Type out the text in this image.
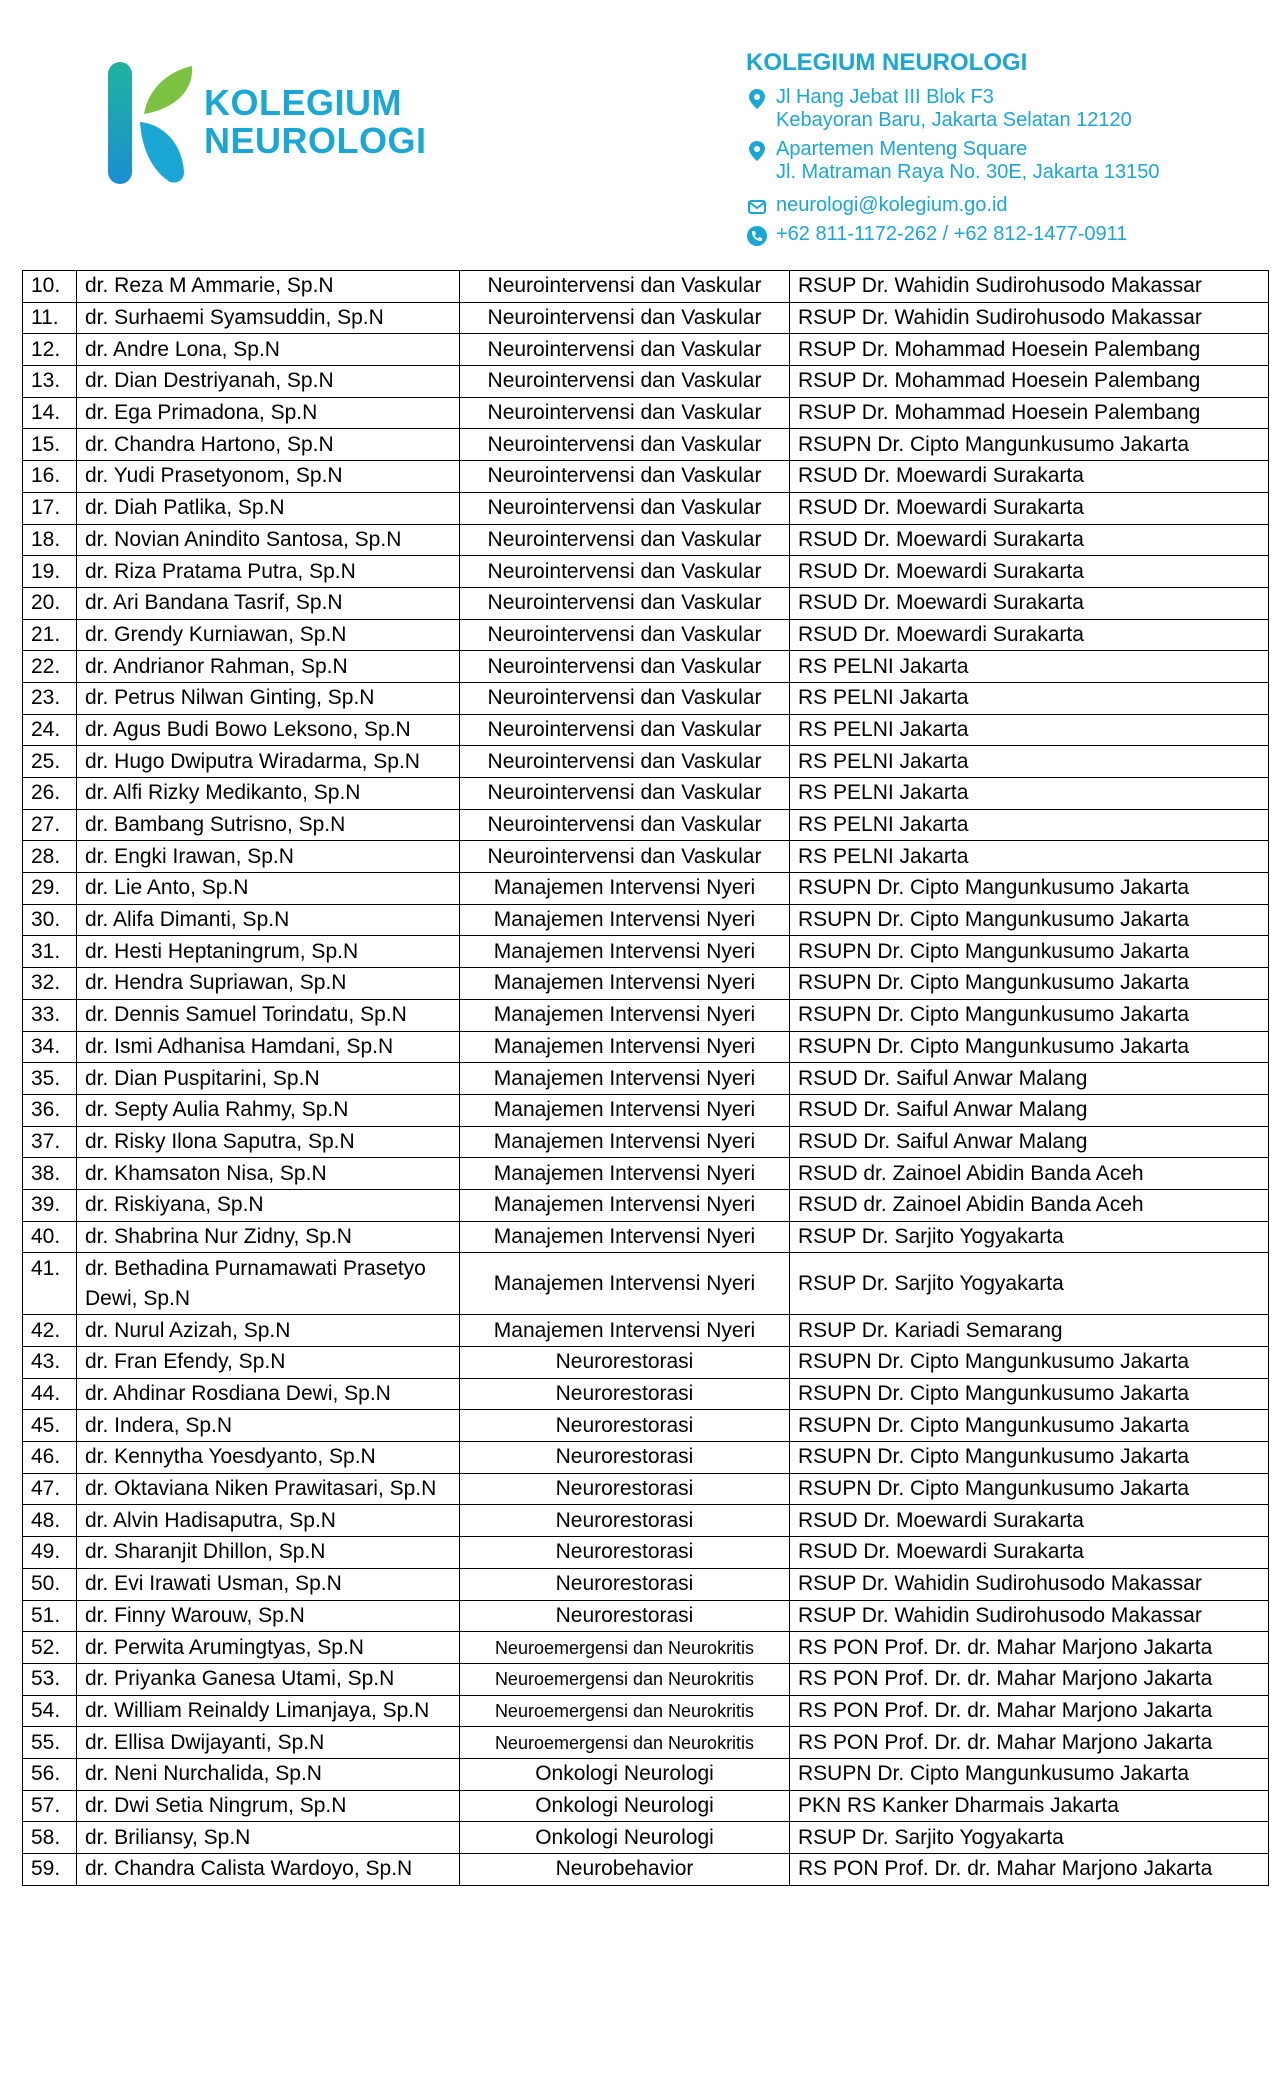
KOLEGIUM
NEUROLOGI
KOLEGIUM NEUROLOGI
Jl Hang Jebat III Blok F3
Kebayoran Baru, Jakarta Selatan 12120
Apartemen Menteng Square
Jl. Matraman Raya No. 30E, Jakarta 13150
neurologi@kolegium.go.id
+62 811-1172-262 / +62 812-1477-0911
10.	dr. Reza M Ammarie, Sp.N	Neurointervensi dan Vaskular	RSUP Dr. Wahidin Sudirohusodo Makassar
11.	dr. Surhaemi Syamsuddin, Sp.N	Neurointervensi dan Vaskular	RSUP Dr. Wahidin Sudirohusodo Makassar
12.	dr. Andre Lona, Sp.N	Neurointervensi dan Vaskular	RSUP Dr. Mohammad Hoesein Palembang
13.	dr. Dian Destriyanah, Sp.N	Neurointervensi dan Vaskular	RSUP Dr. Mohammad Hoesein Palembang
14.	dr. Ega Primadona, Sp.N	Neurointervensi dan Vaskular	RSUP Dr. Mohammad Hoesein Palembang
15.	dr. Chandra Hartono, Sp.N	Neurointervensi dan Vaskular	RSUPN Dr. Cipto Mangunkusumo Jakarta
16.	dr. Yudi Prasetyonom, Sp.N	Neurointervensi dan Vaskular	RSUD Dr. Moewardi Surakarta
17.	dr. Diah Patlika, Sp.N	Neurointervensi dan Vaskular	RSUD Dr. Moewardi Surakarta
18.	dr. Novian Anindito Santosa, Sp.N	Neurointervensi dan Vaskular	RSUD Dr. Moewardi Surakarta
19.	dr. Riza Pratama Putra, Sp.N	Neurointervensi dan Vaskular	RSUD Dr. Moewardi Surakarta
20.	dr. Ari Bandana Tasrif, Sp.N	Neurointervensi dan Vaskular	RSUD Dr. Moewardi Surakarta
21.	dr. Grendy Kurniawan, Sp.N	Neurointervensi dan Vaskular	RSUD Dr. Moewardi Surakarta
22.	dr. Andrianor Rahman, Sp.N	Neurointervensi dan Vaskular	RS PELNI Jakarta
23.	dr. Petrus Nilwan Ginting, Sp.N	Neurointervensi dan Vaskular	RS PELNI Jakarta
24.	dr. Agus Budi Bowo Leksono, Sp.N	Neurointervensi dan Vaskular	RS PELNI Jakarta
25.	dr. Hugo Dwiputra Wiradarma, Sp.N	Neurointervensi dan Vaskular	RS PELNI Jakarta
26.	dr. Alfi Rizky Medikanto, Sp.N	Neurointervensi dan Vaskular	RS PELNI Jakarta
27.	dr. Bambang Sutrisno, Sp.N	Neurointervensi dan Vaskular	RS PELNI Jakarta
28.	dr. Engki Irawan, Sp.N	Neurointervensi dan Vaskular	RS PELNI Jakarta
29.	dr. Lie Anto, Sp.N	Manajemen Intervensi Nyeri	RSUPN Dr. Cipto Mangunkusumo Jakarta
30.	dr. Alifa Dimanti, Sp.N	Manajemen Intervensi Nyeri	RSUPN Dr. Cipto Mangunkusumo Jakarta
31.	dr. Hesti Heptaningrum, Sp.N	Manajemen Intervensi Nyeri	RSUPN Dr. Cipto Mangunkusumo Jakarta
32.	dr. Hendra Supriawan, Sp.N	Manajemen Intervensi Nyeri	RSUPN Dr. Cipto Mangunkusumo Jakarta
33.	dr. Dennis Samuel Torindatu, Sp.N	Manajemen Intervensi Nyeri	RSUPN Dr. Cipto Mangunkusumo Jakarta
34.	dr. Ismi Adhanisa Hamdani, Sp.N	Manajemen Intervensi Nyeri	RSUPN Dr. Cipto Mangunkusumo Jakarta
35.	dr. Dian Puspitarini, Sp.N	Manajemen Intervensi Nyeri	RSUD Dr. Saiful Anwar Malang
36.	dr. Septy Aulia Rahmy, Sp.N	Manajemen Intervensi Nyeri	RSUD Dr. Saiful Anwar Malang
37.	dr. Risky Ilona Saputra, Sp.N	Manajemen Intervensi Nyeri	RSUD Dr. Saiful Anwar Malang
38.	dr. Khamsaton Nisa, Sp.N	Manajemen Intervensi Nyeri	RSUD dr. Zainoel Abidin Banda Aceh
39.	dr. Riskiyana, Sp.N	Manajemen Intervensi Nyeri	RSUD dr. Zainoel Abidin Banda Aceh
40.	dr. Shabrina Nur Zidny, Sp.N	Manajemen Intervensi Nyeri	RSUP Dr. Sarjito Yogyakarta
41.	dr. Bethadina Purnamawati Prasetyo Dewi, Sp.N	Manajemen Intervensi Nyeri	RSUP Dr. Sarjito Yogyakarta
42.	dr. Nurul Azizah, Sp.N	Manajemen Intervensi Nyeri	RSUP Dr. Kariadi Semarang
43.	dr. Fran Efendy, Sp.N	Neurorestorasi	RSUPN Dr. Cipto Mangunkusumo Jakarta
44.	dr. Ahdinar Rosdiana Dewi, Sp.N	Neurorestorasi	RSUPN Dr. Cipto Mangunkusumo Jakarta
45.	dr. Indera, Sp.N	Neurorestorasi	RSUPN Dr. Cipto Mangunkusumo Jakarta
46.	dr. Kennytha Yoesdyanto, Sp.N	Neurorestorasi	RSUPN Dr. Cipto Mangunkusumo Jakarta
47.	dr. Oktaviana Niken Prawitasari, Sp.N	Neurorestorasi	RSUPN Dr. Cipto Mangunkusumo Jakarta
48.	dr. Alvin Hadisaputra, Sp.N	Neurorestorasi	RSUD Dr. Moewardi Surakarta
49.	dr. Sharanjit Dhillon, Sp.N	Neurorestorasi	RSUD Dr. Moewardi Surakarta
50.	dr. Evi Irawati Usman, Sp.N	Neurorestorasi	RSUP Dr. Wahidin Sudirohusodo Makassar
51.	dr. Finny Warouw, Sp.N	Neurorestorasi	RSUP Dr. Wahidin Sudirohusodo Makassar
52.	dr. Perwita Arumingtyas, Sp.N	Neuroemergensi dan Neurokritis	RS PON Prof. Dr. dr. Mahar Marjono Jakarta
53.	dr. Priyanka Ganesa Utami, Sp.N	Neuroemergensi dan Neurokritis	RS PON Prof. Dr. dr. Mahar Marjono Jakarta
54.	dr. William Reinaldy Limanjaya, Sp.N	Neuroemergensi dan Neurokritis	RS PON Prof. Dr. dr. Mahar Marjono Jakarta
55.	dr. Ellisa Dwijayanti, Sp.N	Neuroemergensi dan Neurokritis	RS PON Prof. Dr. dr. Mahar Marjono Jakarta
56.	dr. Neni Nurchalida, Sp.N	Onkologi Neurologi	RSUPN Dr. Cipto Mangunkusumo Jakarta
57.	dr. Dwi Setia Ningrum, Sp.N	Onkologi Neurologi	PKN RS Kanker Dharmais Jakarta
58.	dr. Briliansy, Sp.N	Onkologi Neurologi	RSUP Dr. Sarjito Yogyakarta
59.	dr. Chandra Calista Wardoyo, Sp.N	Neurobehavior	RS PON Prof. Dr. dr. Mahar Marjono Jakarta
